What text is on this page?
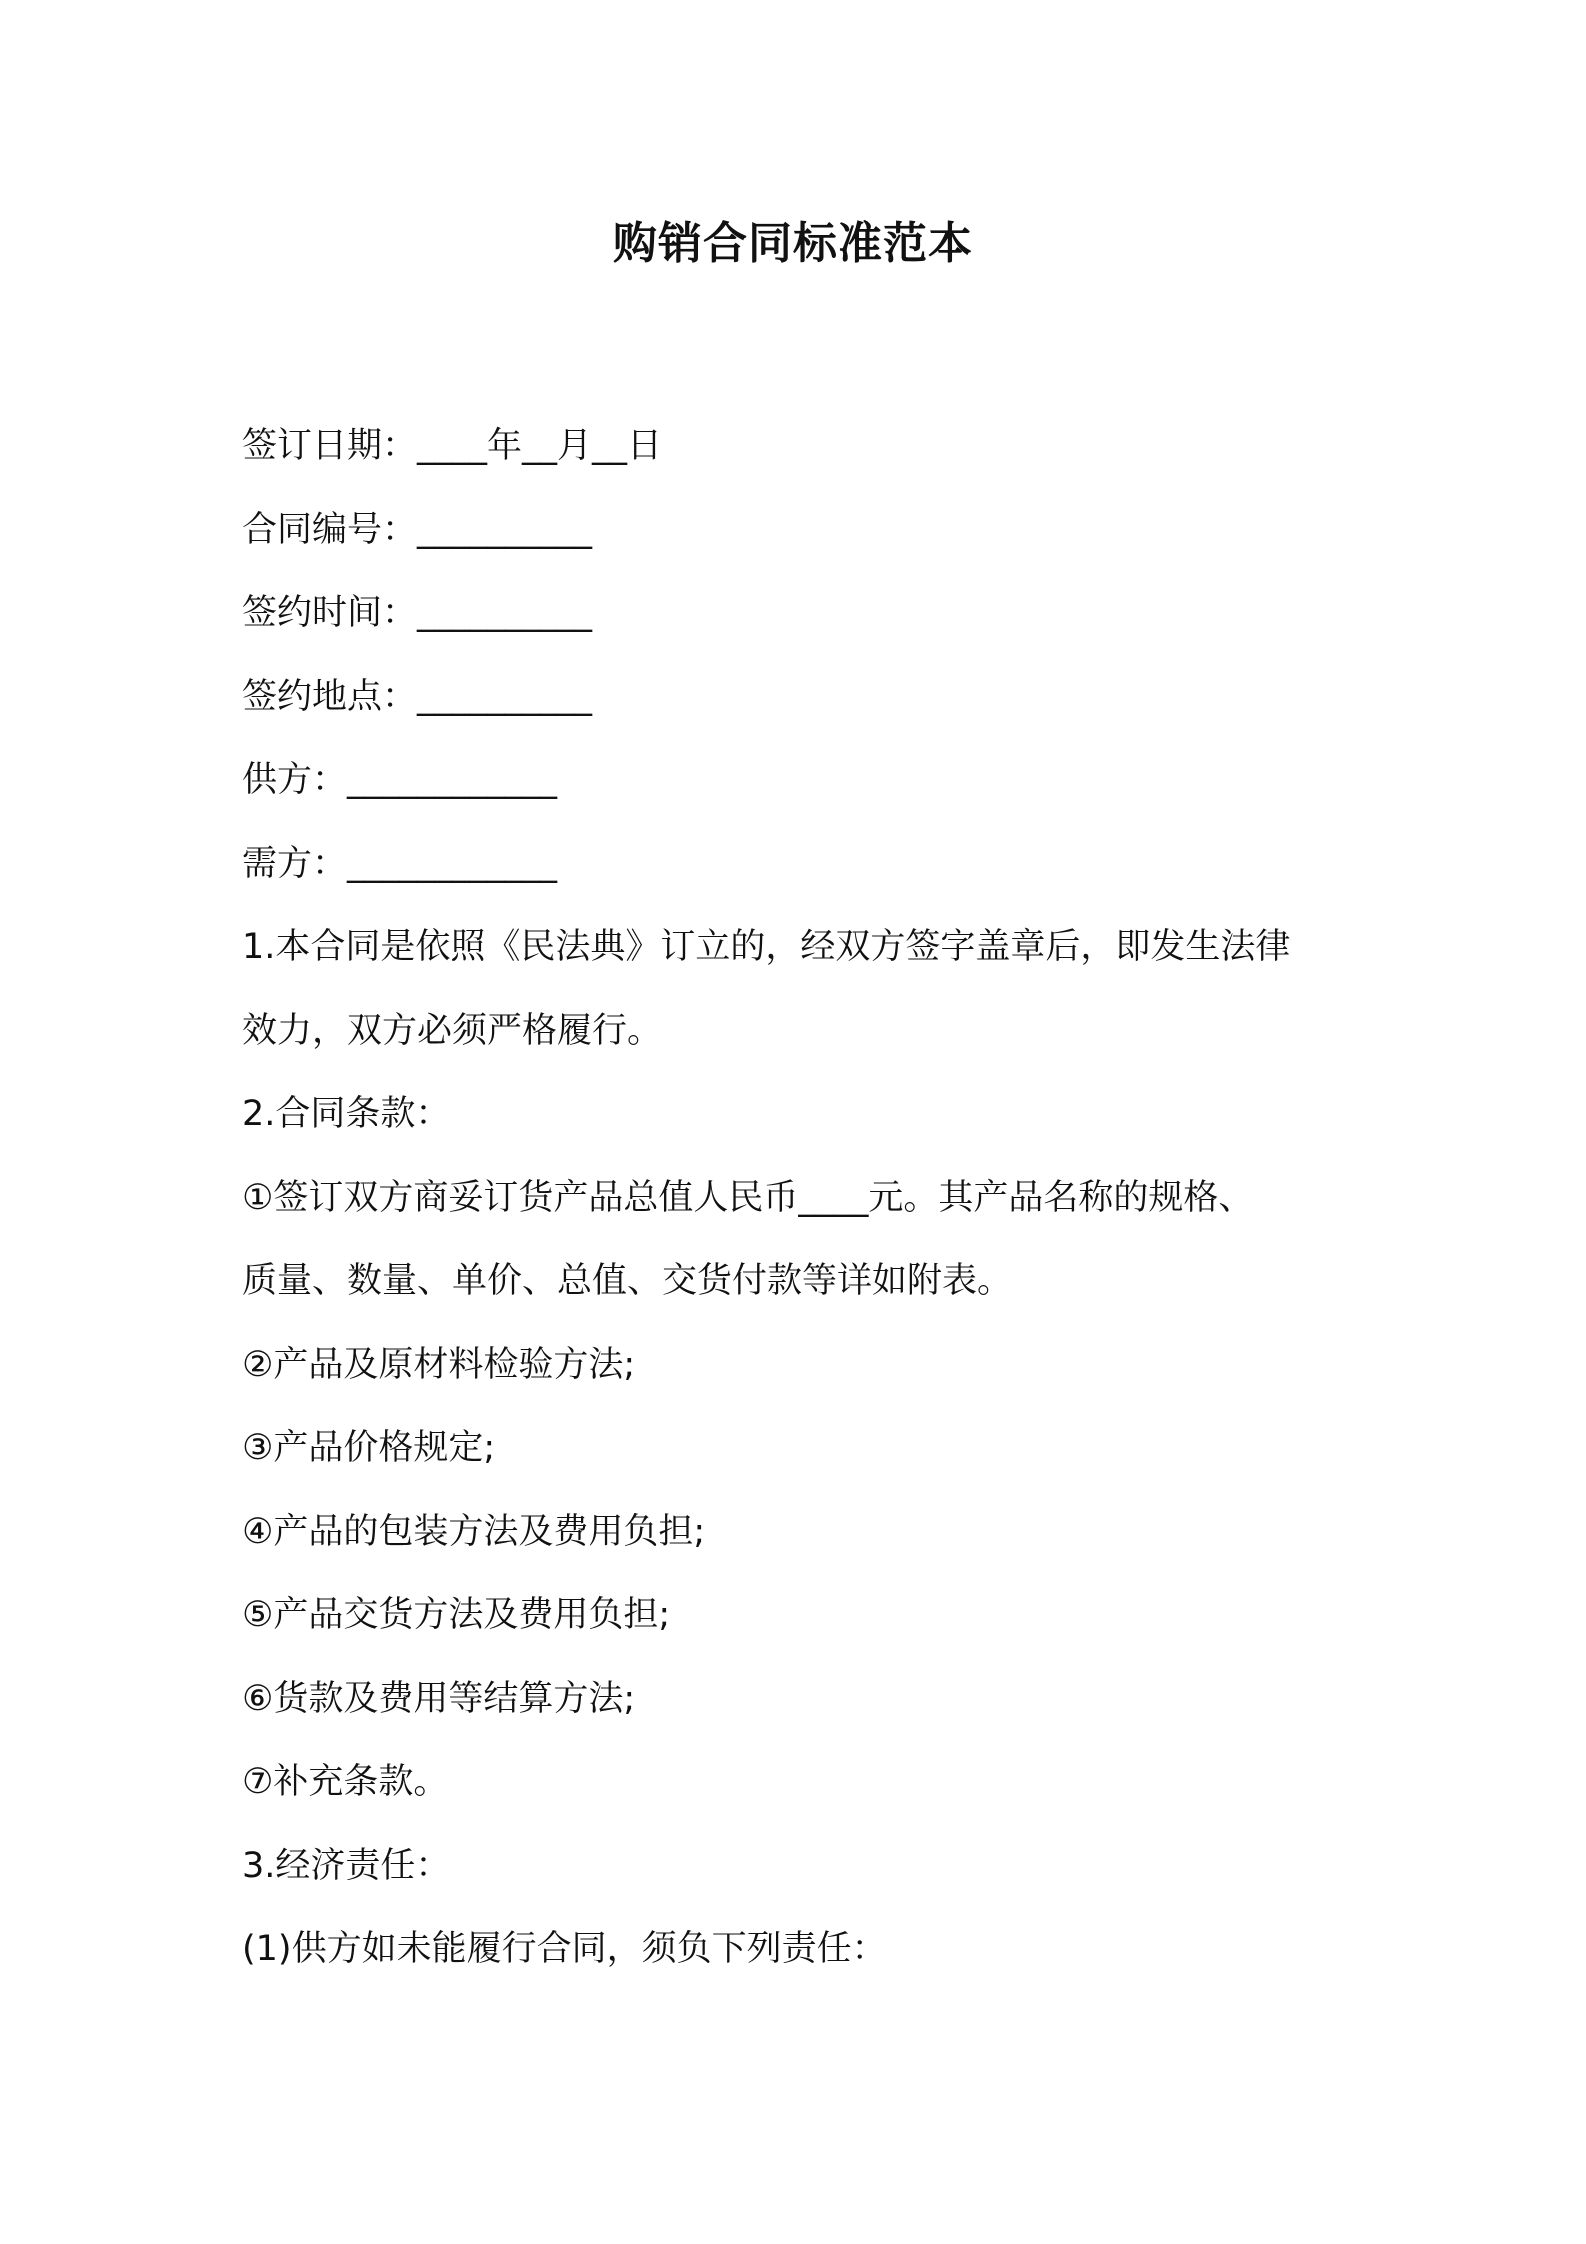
购销合同标准范本
签订日期：____年__月__日
合同编号：__________
签约时间：__________
签约地点：__________
供方：____________
需方：____________
1.本合同是依照《民法典》订立的，经双方签字盖章后，即发生法律
效力，双方必须严格履行。
2.合同条款：
①签订双方商妥订货产品总值人民币____元。其产品名称的规格、
质量、数量、单价、总值、交货付款等详如附表。
②产品及原材料检验方法;
③产品价格规定;
④产品的包装方法及费用负担;
⑤产品交货方法及费用负担;
⑥货款及费用等结算方法;
⑦补充条款。
3.经济责任：
(1)供方如未能履行合同，须负下列责任：
